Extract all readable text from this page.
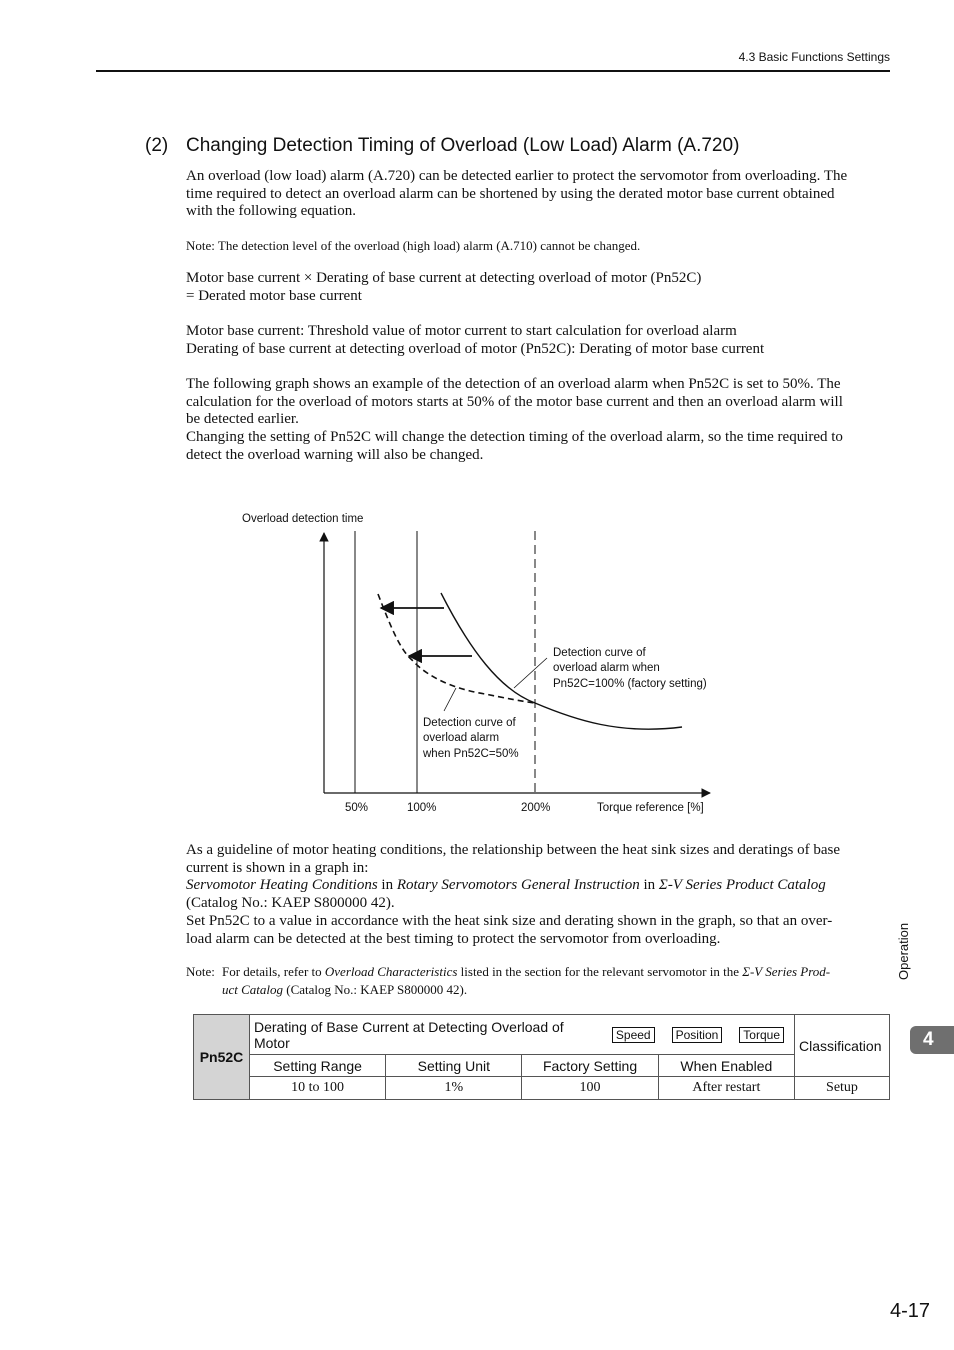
4.3 Basic Functions Settings
(2) Changing Detection Timing of Overload (Low Load) Alarm (A.720)
An overload (low load) alarm (A.720) can be detected earlier to protect the servomotor from overloading. The
time required to detect an overload alarm can be shortened by using the derated motor base current obtained
with the following equation.
Note: The detection level of the overload (high load) alarm (A.710) cannot be changed.
Motor base current × Derating of base current at detecting overload of motor (Pn52C)
= Derated motor base current
Motor base current: Threshold value of motor current to start calculation for overload alarm
Derating of base current at detecting overload of motor (Pn52C): Derating of motor base current
The following graph shows an example of the detection of an overload alarm when Pn52C is set to 50%. The
calculation for the overload of motors starts at 50% of the motor base current and then an overload alarm will
be detected earlier.
Changing the setting of Pn52C will change the detection timing of the overload alarm, so the time required to
detect the overload warning will also be changed.
Overload detection time
Detection curve of
overload alarm when
Pn52C=100% (factory setting)
Detection curve of
overload alarm
when Pn52C=50%
50%	100%	200%	Torque reference [%]
As a guideline of motor heating conditions, the relationship between the heat sink sizes and deratings of base
current is shown in a graph in:
Servomotor Heating Conditions in Rotary Servomotors General Instruction in Σ-V Series Product Catalog
(Catalog No.: KAEP S800000 42).
Set Pn52C to a value in accordance with the heat sink size and derating shown in the graph, so that an over-
load alarm can be detected at the best timing to protect the servomotor from overloading.
Note: For details, refer to Overload Characteristics listed in the section for the relevant servomotor in the Σ-V Series Prod-
uct Catalog (Catalog No.: KAEP S800000 42).
Pn52C	Derating of Base Current at Detecting Overload of
Motor Speed Position Torque				Classification
	Setting Range	Setting Unit	Factory Setting	When Enabled	
	10 to 100	1%	100	After restart	Setup
Operation
4
4-17
